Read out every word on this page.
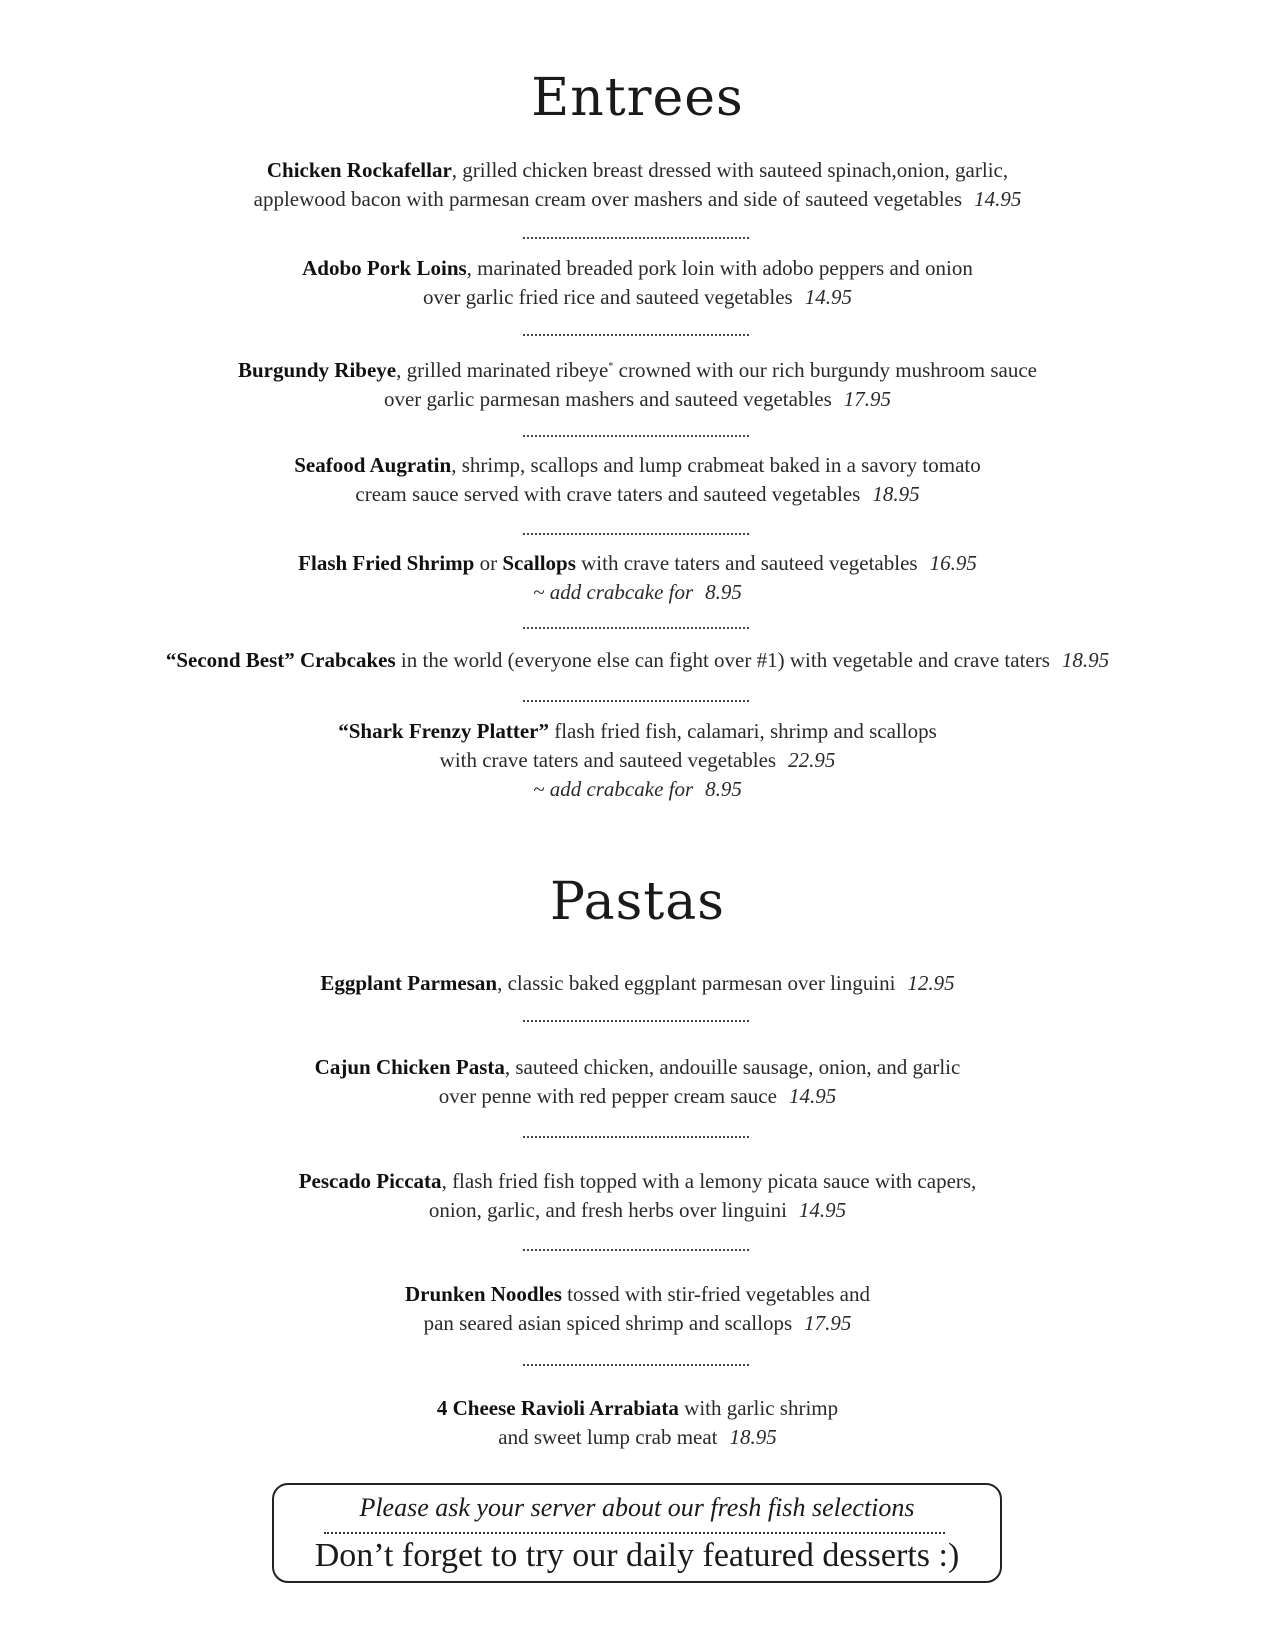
Entrees
Chicken Rockafellar, grilled chicken breast dressed with sauteed spinach,onion, garlic,
applewood bacon with parmesan cream over mashers and side of sauteed vegetables 14.95
Adobo Pork Loins, marinated breaded pork loin with adobo peppers and onion
over garlic fried rice and sauteed vegetables 14.95
Burgundy Ribeye, grilled marinated ribeye* crowned with our rich burgundy mushroom sauce
over garlic parmesan mashers and sauteed vegetables 17.95
Seafood Augratin, shrimp, scallops and lump crabmeat baked in a savory tomato
cream sauce served with crave taters and sauteed vegetables 18.95
Flash Fried Shrimp or Scallops with crave taters and sauteed vegetables 16.95
~ add crabcake for 8.95
“Second Best” Crabcakes in the world (everyone else can fight over #1) with vegetable and crave taters 18.95
“Shark Frenzy Platter” flash fried fish, calamari, shrimp and scallops
with crave taters and sauteed vegetables 22.95
~ add crabcake for 8.95
Pastas
Eggplant Parmesan, classic baked eggplant parmesan over linguini 12.95
Cajun Chicken Pasta, sauteed chicken, andouille sausage, onion, and garlic
over penne with red pepper cream sauce 14.95
Pescado Piccata, flash fried fish topped with a lemony picata sauce with capers,
onion, garlic, and fresh herbs over linguini 14.95
Drunken Noodles tossed with stir-fried vegetables and
pan seared asian spiced shrimp and scallops 17.95
4 Cheese Ravioli Arrabiata with garlic shrimp
and sweet lump crab meat 18.95
Please ask your server about our fresh fish selections
Don’t forget to try our daily featured desserts :)
